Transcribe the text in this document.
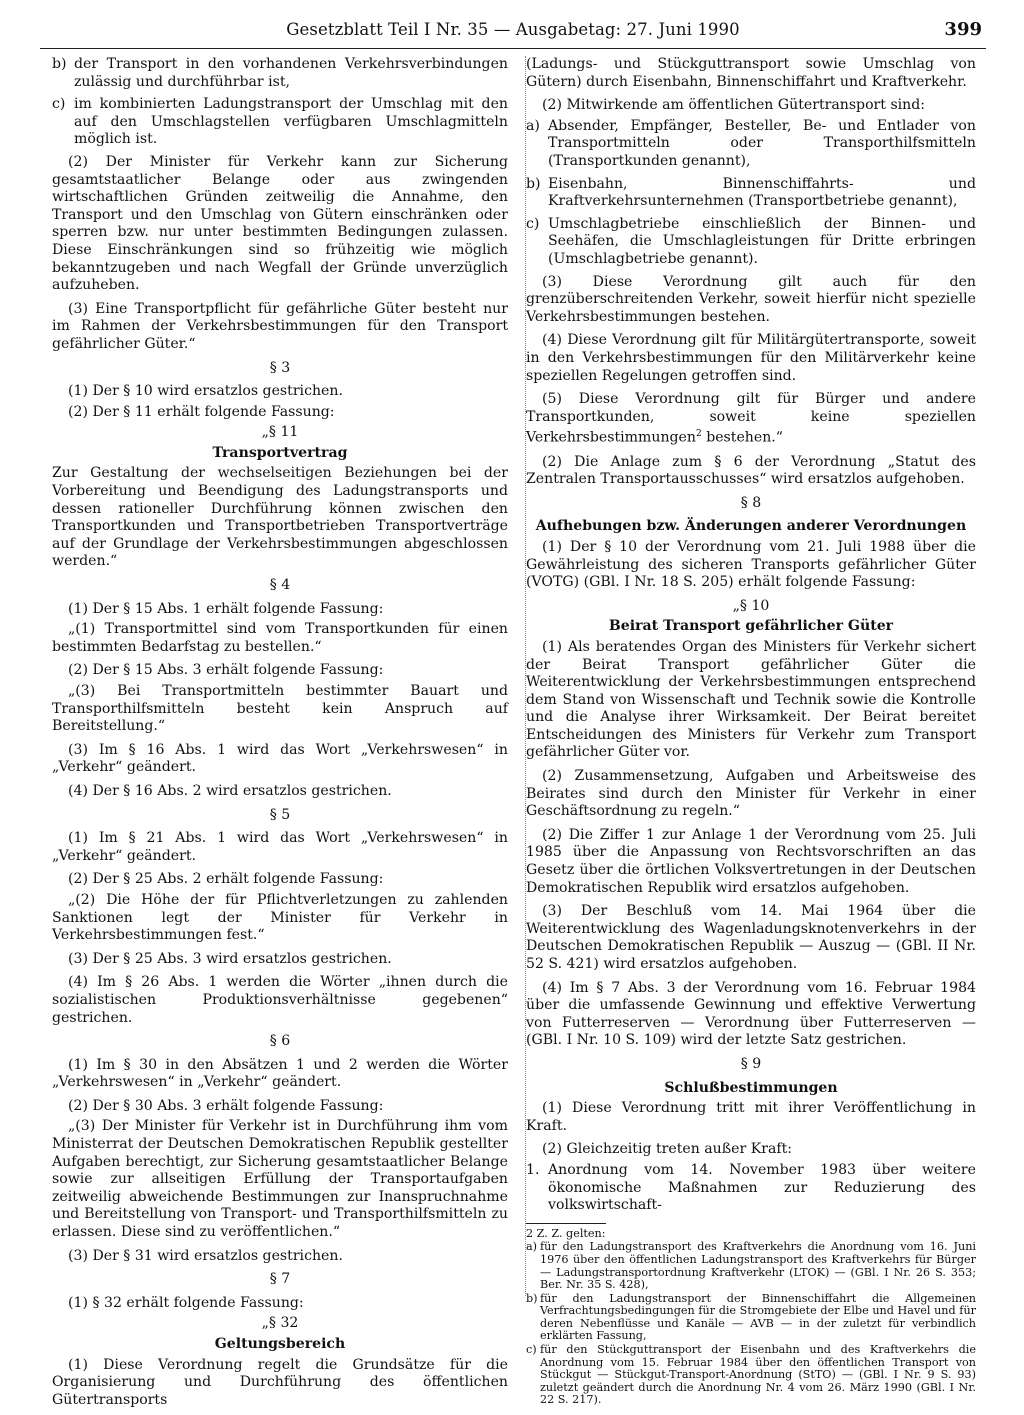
Gesetzblatt Teil I Nr. 35 — Ausgabetag: 27. Juni 1990	399
b) der Transport in den vorhandenen Verkehrsverbindungen zulässig und durchführbar ist,
c) im kombinierten Ladungstransport der Umschlag mit den auf den Umschlagstellen verfügbaren Umschlagmitteln möglich ist.

(2) Der Minister für Verkehr kann zur Sicherung gesamtstaatlicher Belange oder aus zwingenden wirtschaftlichen Gründen zeitweilig die Annahme, den Transport und den Umschlag von Gütern einschränken oder sperren bzw. nur unter bestimmten Bedingungen zulassen. Diese Einschränkungen sind so frühzeitig wie möglich bekanntzugeben und nach Wegfall der Gründe unverzüglich aufzuheben.

(3) Eine Transportpflicht für gefährliche Güter besteht nur im Rahmen der Verkehrsbestimmungen für den Transport gefährlicher Güter.“

§ 3

(1) Der § 10 wird ersatzlos gestrichen.

(2) Der § 11 erhält folgende Fassung:

„§ 11

Transportvertrag

Zur Gestaltung der wechselseitigen Beziehungen bei der Vorbereitung und Beendigung des Ladungstransports und dessen rationeller Durchführung können zwischen den Transportkunden und Transportbetrieben Transportverträge auf der Grundlage der Verkehrsbestimmungen abgeschlossen werden.“

§ 4

(1) Der § 15 Abs. 1 erhält folgende Fassung:

„(1) Transportmittel sind vom Transportkunden für einen bestimmten Bedarfstag zu bestellen.“

(2) Der § 15 Abs. 3 erhält folgende Fassung:

„(3) Bei Transportmitteln bestimmter Bauart und Transporthilfsmitteln besteht kein Anspruch auf Bereitstellung.“

(3) Im § 16 Abs. 1 wird das Wort „Verkehrswesen“ in „Verkehr“ geändert.

(4) Der § 16 Abs. 2 wird ersatzlos gestrichen.

§ 5

(1) Im § 21 Abs. 1 wird das Wort „Verkehrswesen“ in „Verkehr“ geändert.

(2) Der § 25 Abs. 2 erhält folgende Fassung:

„(2) Die Höhe der für Pflichtverletzungen zu zahlenden Sanktionen legt der Minister für Verkehr in Verkehrsbestimmungen fest.“

(3) Der § 25 Abs. 3 wird ersatzlos gestrichen.

(4) Im § 26 Abs. 1 werden die Wörter „ihnen durch die sozialistischen Produktionsverhältnisse gegebenen“ gestrichen.

§ 6

(1) Im § 30 in den Absätzen 1 und 2 werden die Wörter „Verkehrswesen“ in „Verkehr“ geändert.

(2) Der § 30 Abs. 3 erhält folgende Fassung:

„(3) Der Minister für Verkehr ist in Durchführung ihm vom Ministerrat der Deutschen Demokratischen Republik gestellter Aufgaben berechtigt, zur Sicherung gesamtstaatlicher Belange sowie zur allseitigen Erfüllung der Transportaufgaben zeitweilig abweichende Bestimmungen zur Inanspruchnahme und Bereitstellung von Transport- und Transporthilfsmitteln zu erlassen. Diese sind zu veröffentlichen.“

(3) Der § 31 wird ersatzlos gestrichen.

§ 7

(1) § 32 erhält folgende Fassung:

„§ 32

Geltungsbereich

(1) Diese Verordnung regelt die Grundsätze für die Organisierung und Durchführung des öffentlichen Gütertransports

(Ladungs- und Stückguttransport sowie Umschlag von Gütern) durch Eisenbahn, Binnenschiffahrt und Kraftverkehr.

(2) Mitwirkende am öffentlichen Gütertransport sind:

a) Absender, Empfänger, Besteller, Be- und Entlader von Transportmitteln oder Transporthilfsmitteln (Transportkunden genannt),
b) Eisenbahn, Binnenschiffahrts- und Kraftverkehrsunternehmen (Transportbetriebe genannt),
c) Umschlagbetriebe einschließlich der Binnen- und Seehäfen, die Umschlagleistungen für Dritte erbringen (Umschlagbetriebe genannt).

(3) Diese Verordnung gilt auch für den grenzüberschreitenden Verkehr, soweit hierfür nicht spezielle Verkehrsbestimmungen bestehen.

(4) Diese Verordnung gilt für Militärgütertransporte, soweit in den Verkehrsbestimmungen für den Militärverkehr keine speziellen Regelungen getroffen sind.

(5) Diese Verordnung gilt für Bürger und andere Transportkunden, soweit keine speziellen Verkehrsbestimmungen$^2$ bestehen.“

(2) Die Anlage zum § 6 der Verordnung „Statut des Zentralen Transportausschusses“ wird ersatzlos aufgehoben.

§ 8

Aufhebungen bzw. Änderungen anderer Verordnungen

(1) Der § 10 der Verordnung vom 21. Juli 1988 über die Gewährleistung des sicheren Transports gefährlicher Güter (VOTG) (GBl. I Nr. 18 S. 205) erhält folgende Fassung:

„§ 10

Beirat Transport gefährlicher Güter

(1) Als beratendes Organ des Ministers für Verkehr sichert der Beirat Transport gefährlicher Güter die Weiterentwicklung der Verkehrsbestimmungen entsprechend dem Stand von Wissenschaft und Technik sowie die Kontrolle und die Analyse ihrer Wirksamkeit. Der Beirat bereitet Entscheidungen des Ministers für Verkehr zum Transport gefährlicher Güter vor.

(2) Zusammensetzung, Aufgaben und Arbeitsweise des Beirates sind durch den Minister für Verkehr in einer Geschäftsordnung zu regeln.“

(2) Die Ziffer 1 zur Anlage 1 der Verordnung vom 25. Juli 1985 über die Anpassung von Rechtsvorschriften an das Gesetz über die örtlichen Volksvertretungen in der Deutschen Demokratischen Republik wird ersatzlos aufgehoben.

(3) Der Beschluß vom 14. Mai 1964 über die Weiterentwicklung des Wagenladungsknotenverkehrs in der Deutschen Demokratischen Republik — Auszug — (GBl. II Nr. 52 S. 421) wird ersatzlos aufgehoben.

(4) Im § 7 Abs. 3 der Verordnung vom 16. Februar 1984 über die umfassende Gewinnung und effektive Verwertung von Futterreserven — Verordnung über Futterreserven — (GBl. I Nr. 10 S. 109) wird der letzte Satz gestrichen.

§ 9

Schlußbestimmungen

(1) Diese Verordnung tritt mit ihrer Veröffentlichung in Kraft.

(2) Gleichzeitig treten außer Kraft:

1. Anordnung vom 14. November 1983 über weitere ökonomische Maßnahmen zur Reduzierung des volkswirtschaft-

2 Z. Z. gelten:

a) für den Ladungstransport des Kraftverkehrs die Anordnung vom 16. Juni 1976 über den öffentlichen Ladungstransport des Kraftverkehrs für Bürger — Ladungstransportordnung Kraftverkehr (LTOK) — (GBl. I Nr. 26 S. 353; Ber. Nr. 35 S. 428),
b) für den Ladungstransport der Binnenschiffahrt die Allgemeinen Verfrachtungsbedingungen für die Stromgebiete der Elbe und Havel und für deren Nebenflüsse und Kanäle — AVB — in der zuletzt für verbindlich erklärten Fassung,
c) für den Stückguttransport der Eisenbahn und des Kraftverkehrs die Anordnung vom 15. Februar 1984 über den öffentlichen Transport von Stückgut — Stückgut-Transport-Anordnung (StTO) — (GBl. I Nr. 9 S. 93) zuletzt geändert durch die Anordnung Nr. 4 vom 26. März 1990 (GBl. I Nr. 22 S. 217).
